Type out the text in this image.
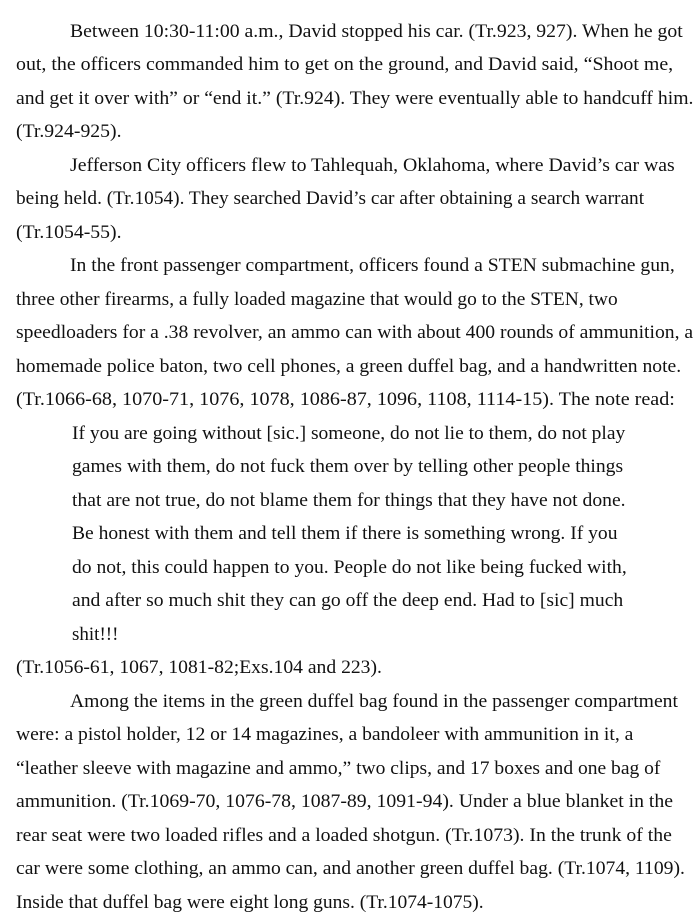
Between 10:30-11:00 a.m., David stopped his car. (Tr.923, 927). When he got
out, the officers commanded him to get on the ground, and David said, “Shoot me,
and get it over with” or “end it.” (Tr.924). They were eventually able to handcuff him.
(Tr.924-925).
Jefferson City officers flew to Tahlequah, Oklahoma, where David’s car was
being held. (Tr.1054). They searched David’s car after obtaining a search warrant
(Tr.1054-55).
In the front passenger compartment, officers found a STEN submachine gun,
three other firearms, a fully loaded magazine that would go to the STEN, two
speedloaders for a .38 revolver, an ammo can with about 400 rounds of ammunition, a
homemade police baton, two cell phones, a green duffel bag, and a handwritten note.
(Tr.1066-68, 1070-71, 1076, 1078, 1086-87, 1096, 1108, 1114-15). The note read:
If you are going without [sic.] someone, do not lie to them, do not play
games with them, do not fuck them over by telling other people things
that are not true, do not blame them for things that they have not done.
Be honest with them and tell them if there is something wrong. If you
do not, this could happen to you. People do not like being fucked with,
and after so much shit they can go off the deep end. Had to [sic] much
shit!!!
(Tr.1056-61, 1067, 1081-82;Exs.104 and 223).
Among the items in the green duffel bag found in the passenger compartment
were: a pistol holder, 12 or 14 magazines, a bandoleer with ammunition in it, a
“leather sleeve with magazine and ammo,” two clips, and 17 boxes and one bag of
ammunition. (Tr.1069-70, 1076-78, 1087-89, 1091-94). Under a blue blanket in the
rear seat were two loaded rifles and a loaded shotgun. (Tr.1073). In the trunk of the
car were some clothing, an ammo can, and another green duffel bag. (Tr.1074, 1109).
Inside that duffel bag were eight long guns. (Tr.1074-1075).
